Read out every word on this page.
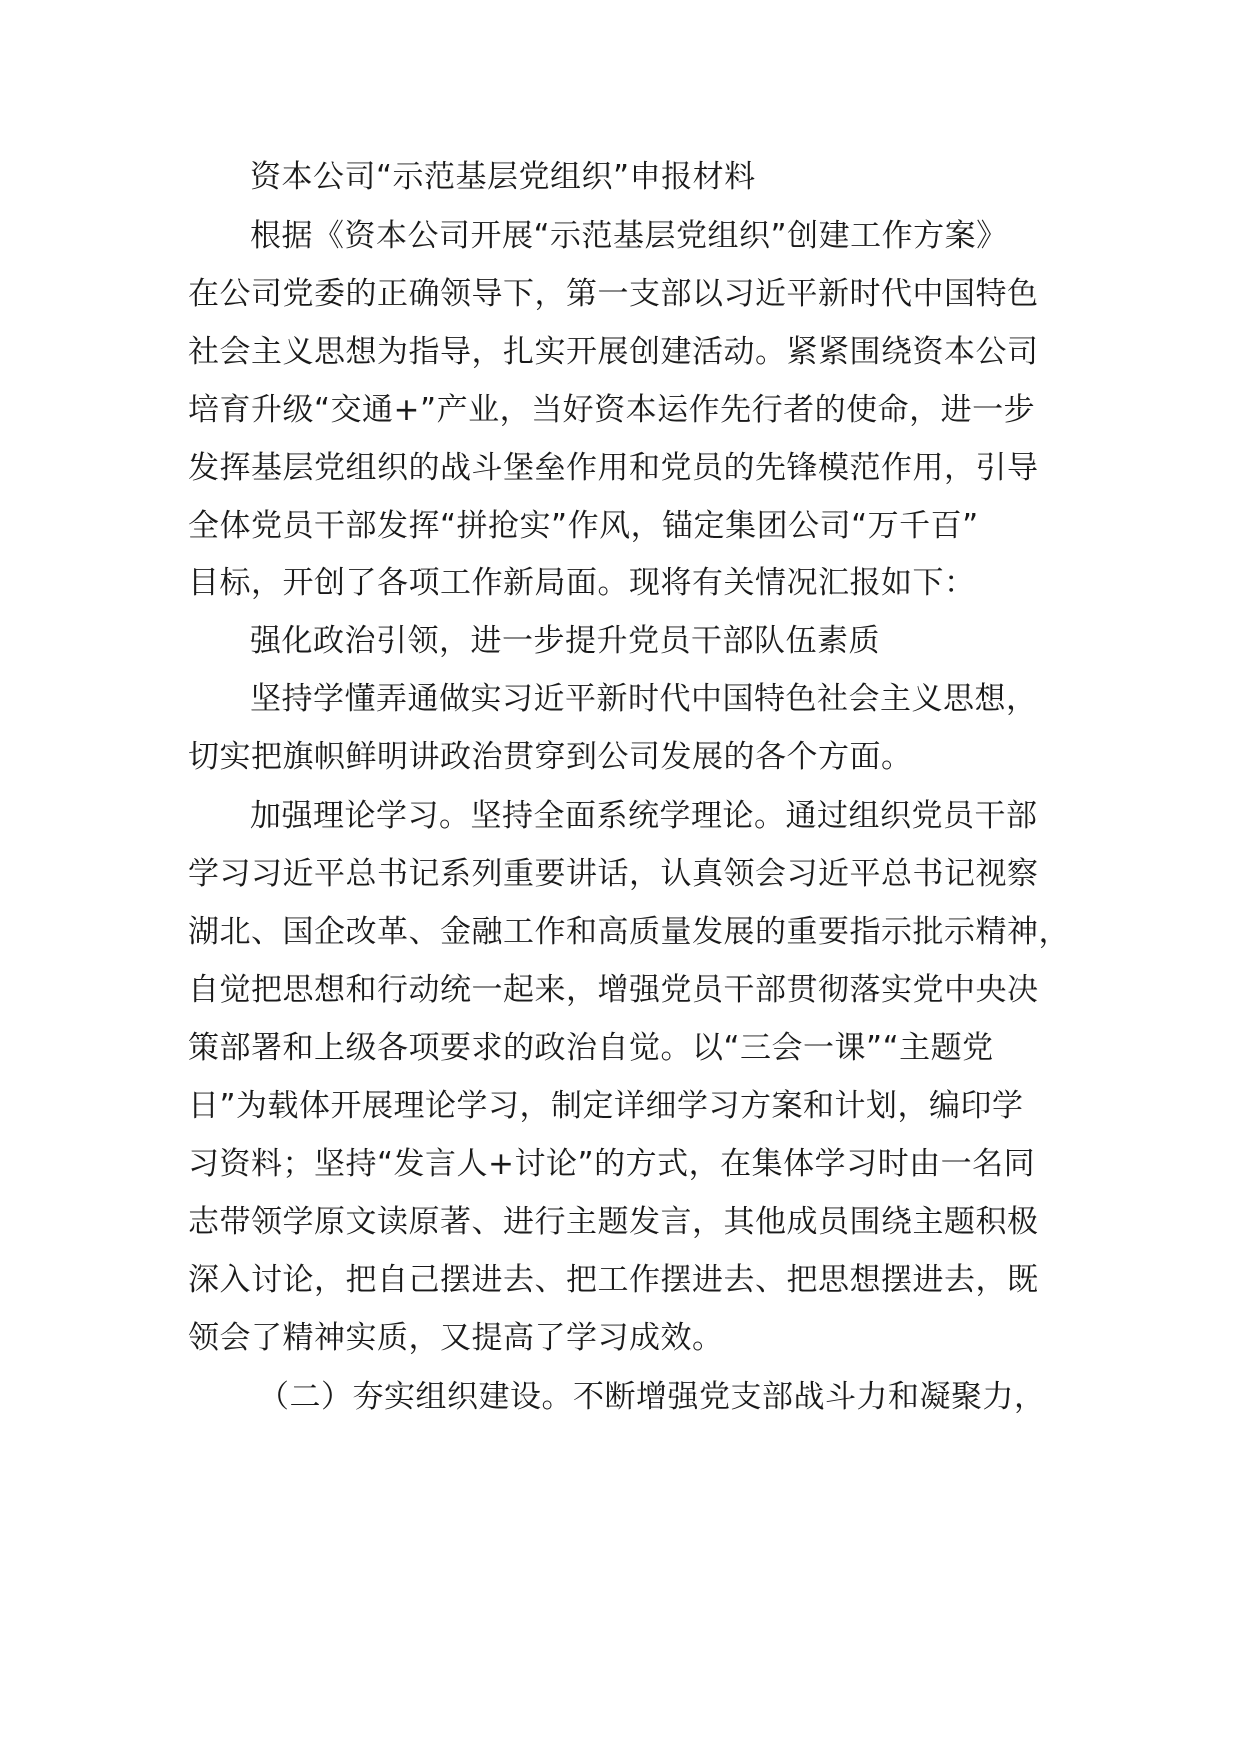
资本公司“示范基层党组织”申报材料
根据《资本公司开展“示范基层党组织”创建工作方案》
在公司党委的正确领导下，第一支部以习近平新时代中国特色
社会主义思想为指导，扎实开展创建活动。紧紧围绕资本公司
培育升级“交通+”产业，当好资本运作先行者的使命，进一步
发挥基层党组织的战斗堡垒作用和党员的先锋模范作用，引导
全体党员干部发挥“拼抢实”作风，锚定集团公司“万千百”
目标，开创了各项工作新局面。现将有关情况汇报如下：
强化政治引领，进一步提升党员干部队伍素质
坚持学懂弄通做实习近平新时代中国特色社会主义思想，
切实把旗帜鲜明讲政治贯穿到公司发展的各个方面。
加强理论学习。坚持全面系统学理论。通过组织党员干部
学习习近平总书记系列重要讲话，认真领会习近平总书记视察
湖北、国企改革、金融工作和高质量发展的重要指示批示精神，
自觉把思想和行动统一起来，增强党员干部贯彻落实党中央决
策部署和上级各项要求的政治自觉。以“三会一课”“主题党
日”为载体开展理论学习，制定详细学习方案和计划，编印学
习资料；坚持“发言人+讨论”的方式，在集体学习时由一名同
志带领学原文读原著、进行主题发言，其他成员围绕主题积极
深入讨论，把自己摆进去、把工作摆进去、把思想摆进去，既
领会了精神实质，又提高了学习成效。
（二）夯实组织建设。不断增强党支部战斗力和凝聚力，
